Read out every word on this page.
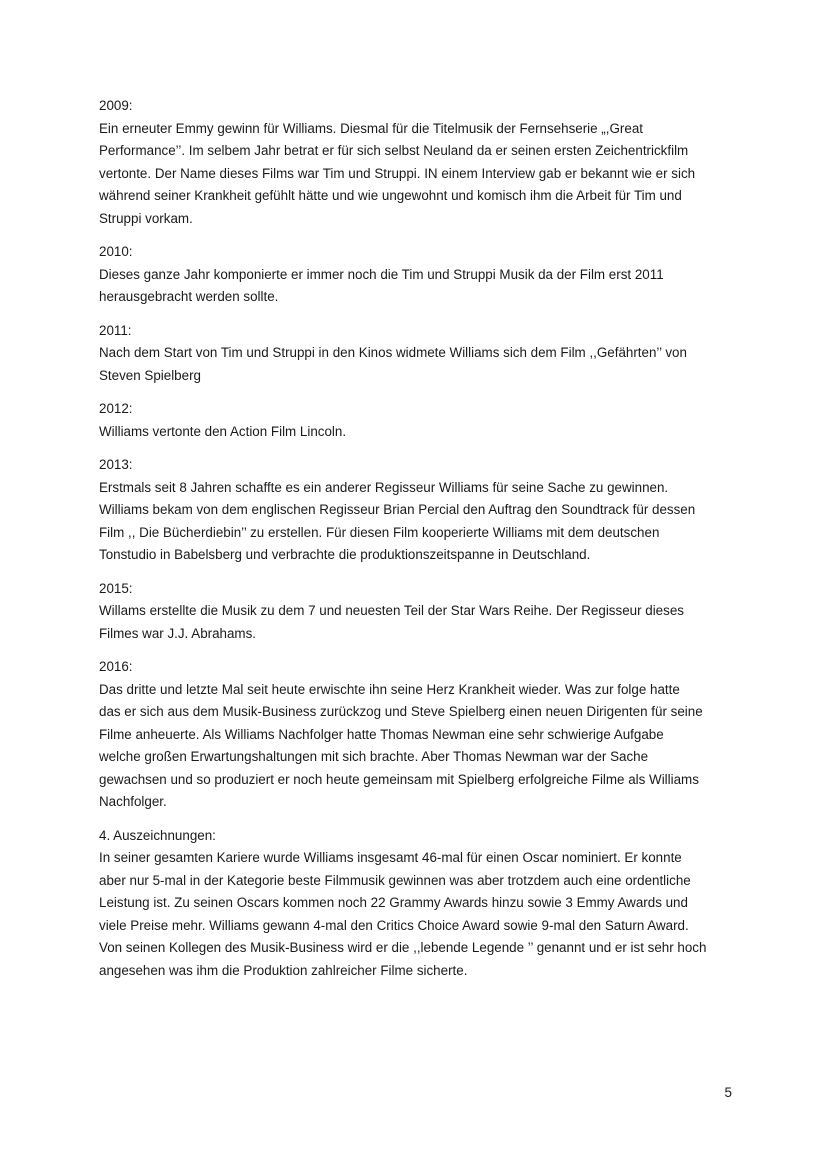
2009:

Ein erneuter Emmy gewinn für Williams. Diesmal für die Titelmusik der Fernsehserie „,Great

Performance’’. Im selbem Jahr betrat er für sich selbst Neuland da er seinen ersten Zeichentrickfilm

vertonte. Der Name dieses Films war Tim und Struppi. IN einem Interview gab er bekannt wie er sich

während seiner Krankheit gefühlt hätte und wie ungewohnt und komisch ihm die Arbeit für Tim und

Struppi vorkam.

2010:

Dieses ganze Jahr komponierte er immer noch die Tim und Struppi Musik da der Film erst 2011

herausgebracht werden sollte.

2011:

Nach dem Start von Tim und Struppi in den Kinos widmete Williams sich dem Film ,,Gefährten’’ von

Steven Spielberg

2012:

Williams vertonte den Action Film Lincoln.

2013:

Erstmals seit 8 Jahren schaffte es ein anderer Regisseur Williams für seine Sache zu gewinnen.

Williams bekam von dem englischen Regisseur Brian Percial den Auftrag den Soundtrack für dessen

Film ,, Die Bücherdiebin’’ zu erstellen. Für diesen Film kooperierte Williams mit dem deutschen

Tonstudio in Babelsberg und verbrachte die produktionszeitspanne in Deutschland.

2015:

Willams erstellte die Musik zu dem 7 und neuesten Teil der Star Wars Reihe. Der Regisseur dieses

Filmes war J.J. Abrahams.

2016:

Das dritte und letzte Mal seit heute erwischte ihn seine Herz Krankheit wieder. Was zur folge hatte

das er sich aus dem Musik-Business zurückzog und Steve Spielberg einen neuen Dirigenten für seine

Filme anheuerte. Als Williams Nachfolger hatte Thomas Newman eine sehr schwierige Aufgabe

welche großen Erwartungshaltungen mit sich brachte. Aber Thomas Newman war der Sache

gewachsen und so produziert er noch heute gemeinsam mit Spielberg erfolgreiche Filme als Williams

Nachfolger.

4. Auszeichnungen:

In seiner gesamten Kariere wurde Williams insgesamt 46-mal für einen Oscar nominiert. Er konnte

aber nur 5-mal in der Kategorie beste Filmmusik gewinnen was aber trotzdem auch eine ordentliche

Leistung ist. Zu seinen Oscars kommen noch 22 Grammy Awards hinzu sowie 3 Emmy Awards und

viele Preise mehr. Williams gewann 4-mal den Critics Choice Award sowie 9-mal den Saturn Award.

Von seinen Kollegen des Musik-Business wird er die ,,lebende Legende ’’ genannt und er ist sehr hoch

angesehen was ihm die Produktion zahlreicher Filme sicherte.

5
